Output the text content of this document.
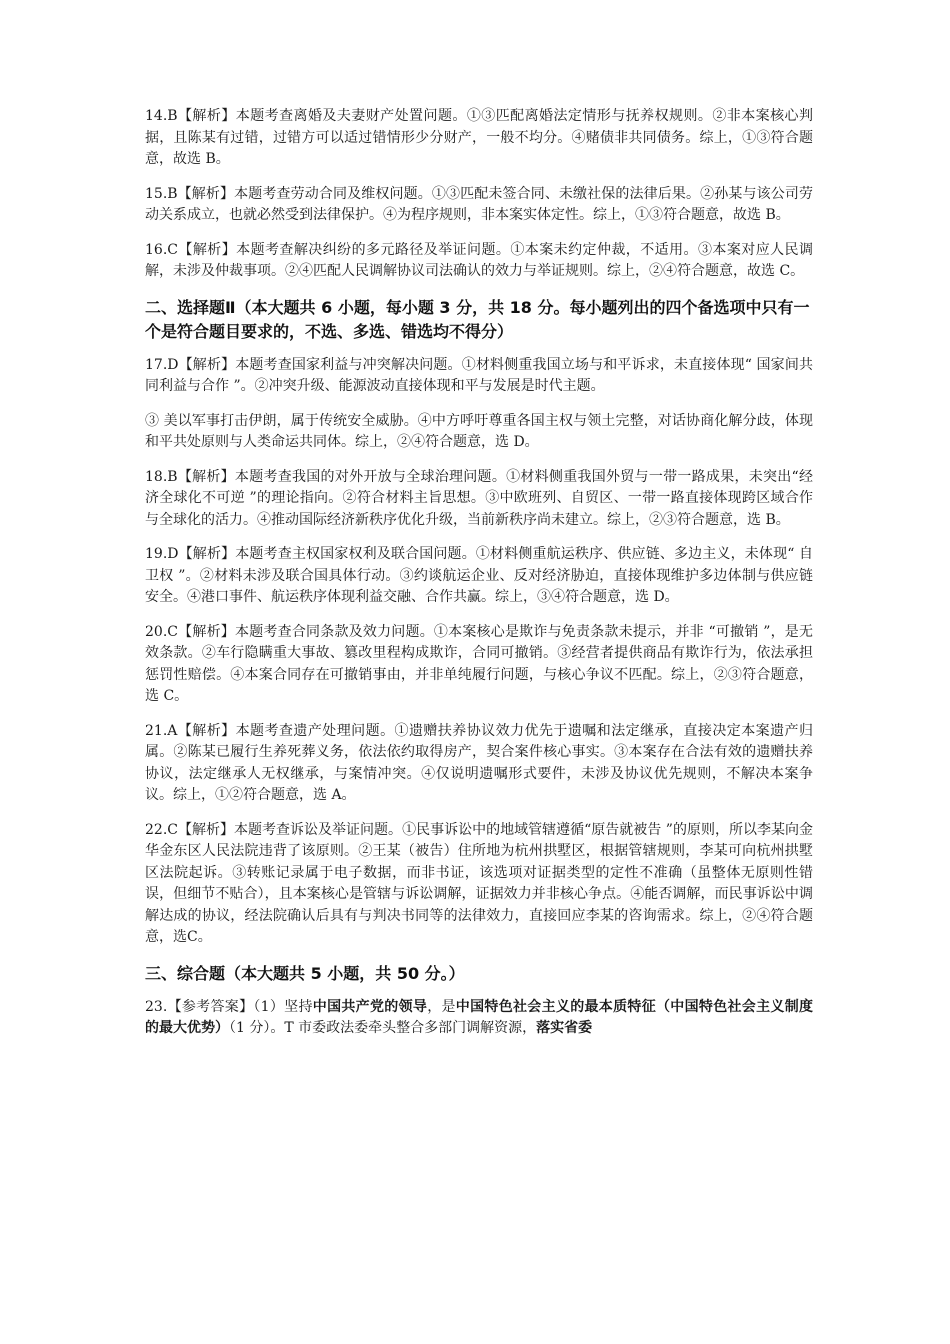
14.B【解析】本题考查离婚及夫妻财产处置问题。①③匹配离婚法定情形与抚养权规则。②非本案核心判据，且陈某有过错，过错方可以适过错情形少分财产，一般不均分。④赌债非共同债务。综上，①③符合题意，故选 B。

15.B【解析】本题考查劳动合同及维权问题。①③匹配未签合同、未缴社保的法律后果。②孙某与该公司劳动关系成立，也就必然受到法律保护。④为程序规则，非本案实体定性。综上，①③符合题意，故选 B。

16.C【解析】本题考查解决纠纷的多元路径及举证问题。①本案未约定仲裁，不适用。③本案对应人民调解，未涉及仲裁事项。②④匹配人民调解协议司法确认的效力与举证规则。综上，②④符合题意，故选 C。

二、选择题Ⅱ（本大题共 6 小题，每小题 3 分，共 18 分。每小题列出的四个备选项中只有一个是符合题目要求的，不选、多选、错选均不得分）

17.D【解析】本题考查国家利益与冲突解决问题。①材料侧重我国立场与和平诉求，未直接体现“ 国家间共同利益与合作 ”。②冲突升级、能源波动直接体现和平与发展是时代主题。

③ 美以军事打击伊朗，属于传统安全威胁。④中方呼吁尊重各国主权与领土完整，对话协商化解分歧，体现和平共处原则与人类命运共同体。综上，②④符合题意，选 D。

18.B【解析】本题考查我国的对外开放与全球治理问题。①材料侧重我国外贸与一带一路成果，未突出“经济全球化不可逆 ”的理论指向。②符合材料主旨思想。③中欧班列、自贸区、一带一路直接体现跨区域合作与全球化的活力。④推动国际经济新秩序优化升级，当前新秩序尚未建立。综上，②③符合题意，选 B。

19.D【解析】本题考查主权国家权利及联合国问题。①材料侧重航运秩序、供应链、多边主义，未体现“ 自卫权 ”。②材料未涉及联合国具体行动。③约谈航运企业、反对经济胁迫，直接体现维护多边体制与供应链安全。④港口事件、航运秩序体现利益交融、合作共赢。综上，③④符合题意，选 D。

20.C【解析】本题考查合同条款及效力问题。①本案核心是欺诈与免责条款未提示，并非 “可撤销 ”，是无效条款。②车行隐瞒重大事故、篡改里程构成欺诈，合同可撤销。③经营者提供商品有欺诈行为，依法承担惩罚性赔偿。④本案合同存在可撤销事由，并非单纯履行问题，与核心争议不匹配。综上，②③符合题意，选 C。

21.A【解析】本题考查遗产处理问题。①遗赠扶养协议效力优先于遗嘱和法定继承，直接决定本案遗产归属。②陈某已履行生养死葬义务，依法依约取得房产，契合案件核心事实。③本案存在合法有效的遗赠扶养协议，法定继承人无权继承，与案情冲突。④仅说明遗嘱形式要件，未涉及协议优先规则，不解决本案争议。综上，①②符合题意，选 A。

22.C【解析】本题考查诉讼及举证问题。①民事诉讼中的地域管辖遵循“原告就被告 ”的原则，所以李某向金华金东区人民法院违背了该原则。②王某（被告）住所地为杭州拱墅区，根据管辖规则，李某可向杭州拱墅区法院起诉。③转账记录属于电子数据，而非书证，该选项对证据类型的定性不准确（虽整体无原则性错误，但细节不贴合），且本案核心是管辖与诉讼调解，证据效力并非核心争点。④能否调解，而民事诉讼中调解达成的协议，经法院确认后具有与判决书同等的法律效力，直接回应李某的咨询需求。综上，②④符合题意，选C。

三、综合题（本大题共 5 小题，共 50 分。）

23.【参考答案】（1）坚持中国共产党的领导，是中国特色社会主义的最本质特征（中国特色社会主义制度的最大优势）（1 分）。T 市委政法委牵头整合多部门调解资源，落实省委
